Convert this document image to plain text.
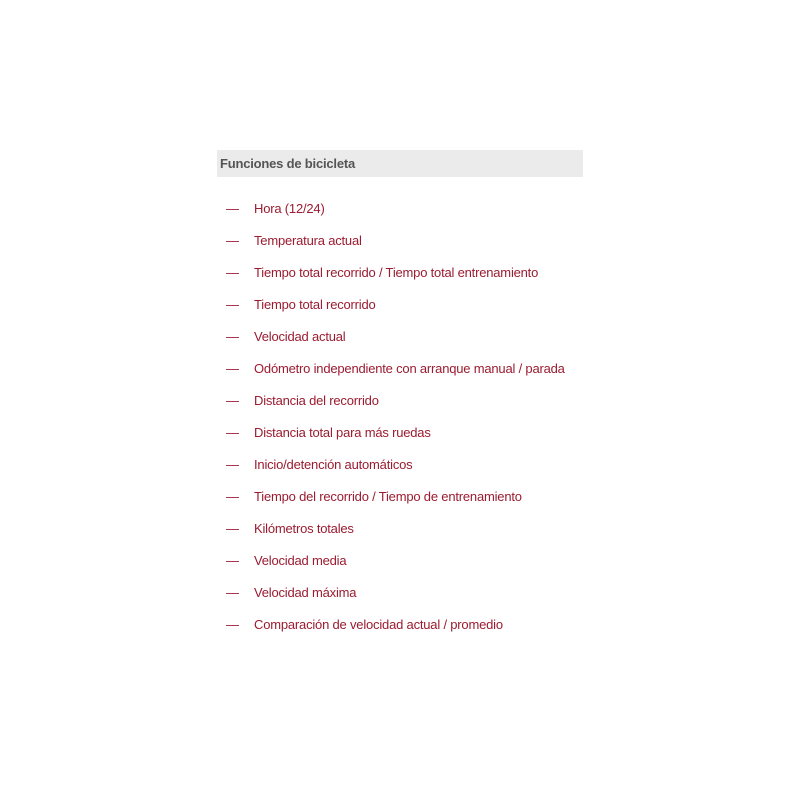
Funciones de bicicleta
—	Hora (12/24)
—	Temperatura actual
—	Tiempo total recorrido / Tiempo total entrenamiento
—	Tiempo total recorrido
—	Velocidad actual
—	Odómetro independiente con arranque manual / parada
—	Distancia del recorrido
—	Distancia total para más ruedas
—	Inicio/detención automáticos
—	Tiempo del recorrido / Tiempo de entrenamiento
—	Kilómetros totales
—	Velocidad media
—	Velocidad máxima
—	Comparación de velocidad actual / promedio
